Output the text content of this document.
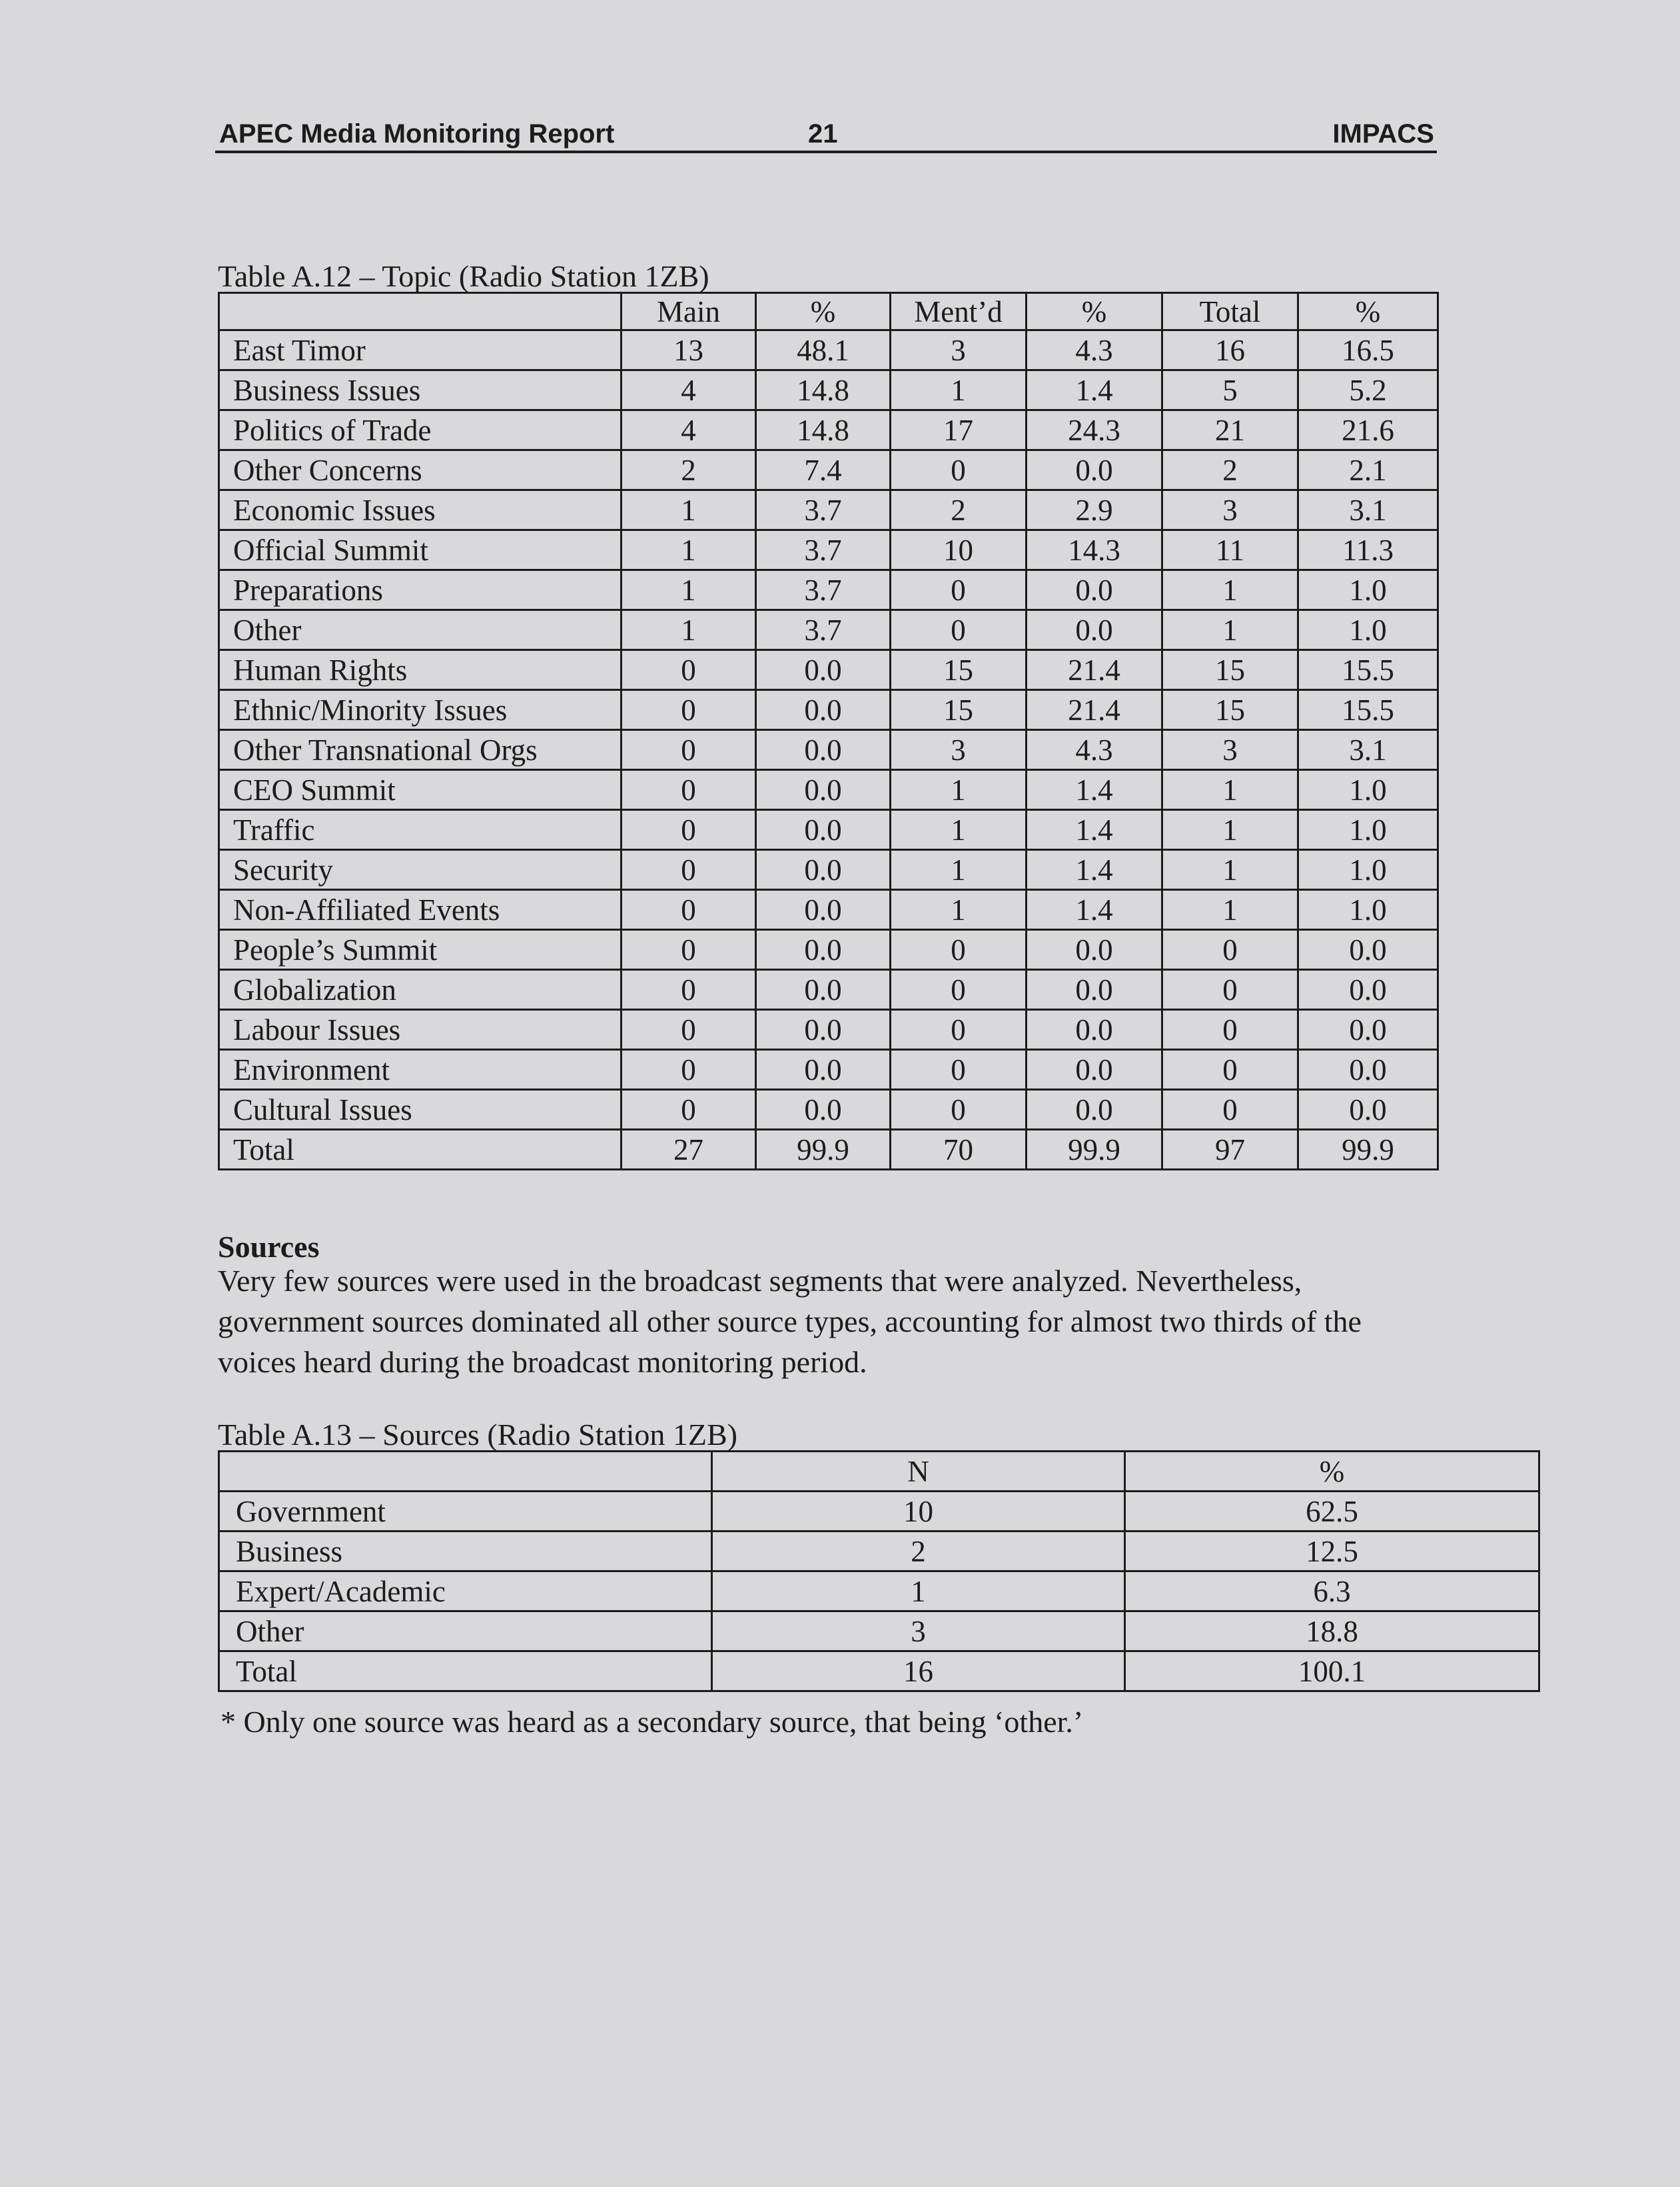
APEC Media Monitoring Report	21	IMPACS
Table A.12 – Topic (Radio Station 1ZB)
	Main	%	Ment’d	%	Total	%
East Timor	13	48.1	3	4.3	16	16.5
Business Issues	4	14.8	1	1.4	5	5.2
Politics of Trade	4	14.8	17	24.3	21	21.6
Other Concerns	2	7.4	0	0.0	2	2.1
Economic Issues	1	3.7	2	2.9	3	3.1
Official Summit	1	3.7	10	14.3	11	11.3
Preparations	1	3.7	0	0.0	1	1.0
Other	1	3.7	0	0.0	1	1.0
Human Rights	0	0.0	15	21.4	15	15.5
Ethnic/Minority Issues	0	0.0	15	21.4	15	15.5
Other Transnational Orgs	0	0.0	3	4.3	3	3.1
CEO Summit	0	0.0	1	1.4	1	1.0
Traffic	0	0.0	1	1.4	1	1.0
Security	0	0.0	1	1.4	1	1.0
Non-Affiliated Events	0	0.0	1	1.4	1	1.0
People’s Summit	0	0.0	0	0.0	0	0.0
Globalization	0	0.0	0	0.0	0	0.0
Labour Issues	0	0.0	0	0.0	0	0.0
Environment	0	0.0	0	0.0	0	0.0
Cultural Issues	0	0.0	0	0.0	0	0.0
Total	27	99.9	70	99.9	97	99.9
Sources
Very few sources were used in the broadcast segments that were analyzed. Nevertheless, government sources dominated all other source types, accounting for almost two thirds of the voices heard during the broadcast monitoring period.
Table A.13 – Sources (Radio Station 1ZB)
	N	%
Government	10	62.5
Business	2	12.5
Expert/Academic	1	6.3
Other	3	18.8
Total	16	100.1
* Only one source was heard as a secondary source, that being ‘other.’
